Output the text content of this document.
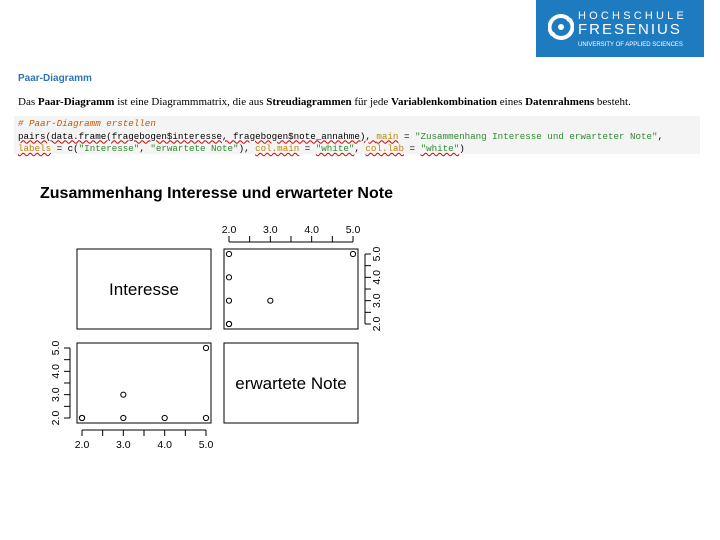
HOCHSCHULE
FRESENIUS
UNIVERSITY OF APPLIED SCIENCES
Paar-Diagramm
Das Paar-Diagramm ist eine Diagrammmatrix, die aus Streudiagrammen für jede Variablenkombination eines Datenrahmens besteht.
# Paar-Diagramm erstellen
pairs(data.frame(fragebogen$interesse, fragebogen$note_annahme), main = "Zusammenhang Interesse und erwarteter Note",
labels = c("Interesse", "erwartete Note"), col.main = "white", col.lab = "white")
Zusammenhang Interesse und erwarteter Note
Interesse
erwartete Note
2.0	3.0	4.0	5.0
2.0
3.0
4.0
5.0
2.0
3.0
4.0
5.0
2.0	3.0	4.0	5.0
